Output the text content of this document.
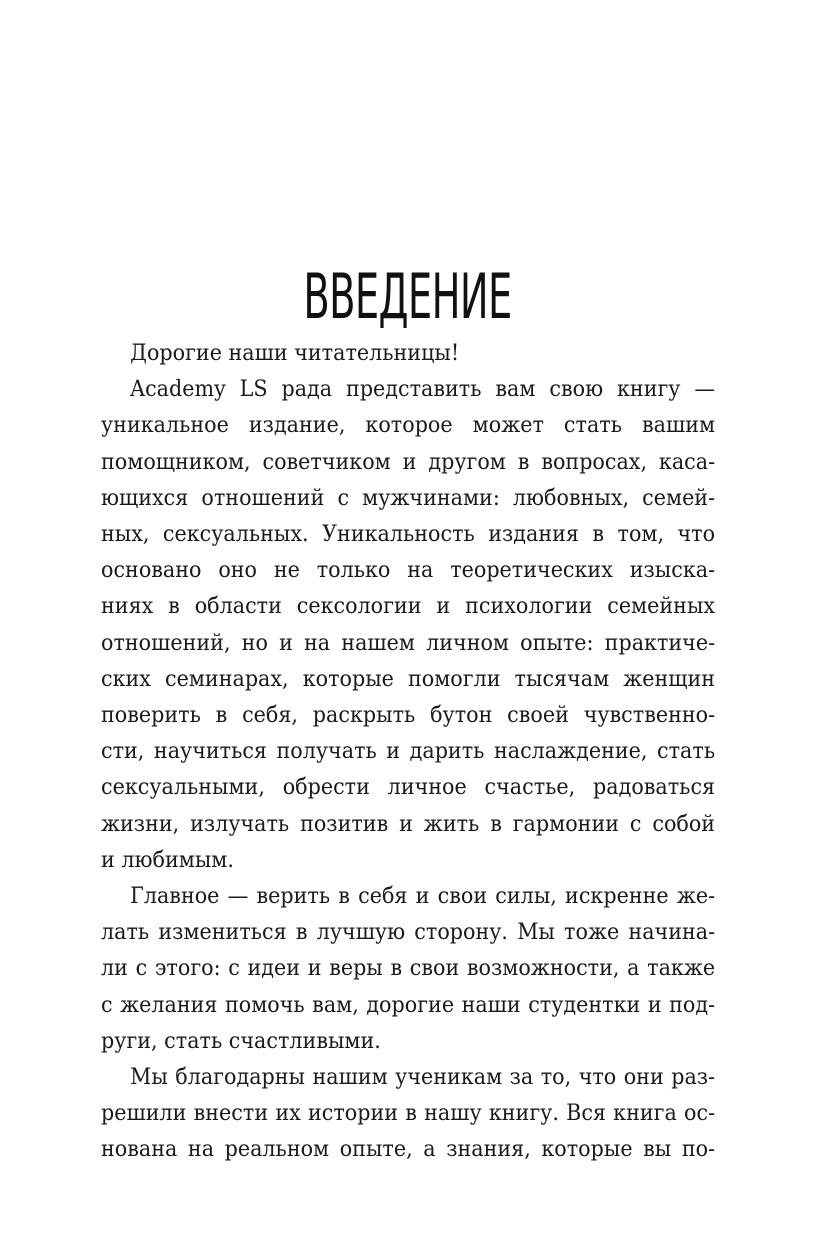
ВВЕДЕНИЕ

Дорогие наши читательницы!

Academy LS рада представить вам свою книгу —
уникальное издание, которое может стать вашим
помощником, советчиком и другом в вопросах, каса-
ющихся отношений с мужчинами: любовных, семей-
ных, сексуальных. Уникальность издания в том, что
основано оно не только на теоретических изыска-
ниях в области сексологии и психологии семейных
отношений, но и на нашем личном опыте: практиче-
ских семинарах, которые помогли тысячам женщин
поверить в себя, раскрыть бутон своей чувственно-
сти, научиться получать и дарить наслаждение, стать
сексуальными, обрести личное счастье, радоваться
жизни, излучать позитив и жить в гармонии с собой
и любимым.

Главное — верить в себя и свои силы, искренне же-
лать измениться в лучшую сторону. Мы тоже начина-
ли с этого: с идеи и веры в свои возможности, а также
с желания помочь вам, дорогие наши студентки и под-
руги, стать счастливыми.

Мы благодарны нашим ученикам за то, что они раз-
решили внести их истории в нашу книгу. Вся книга ос-
нована на реальном опыте, а знания, которые вы по-
